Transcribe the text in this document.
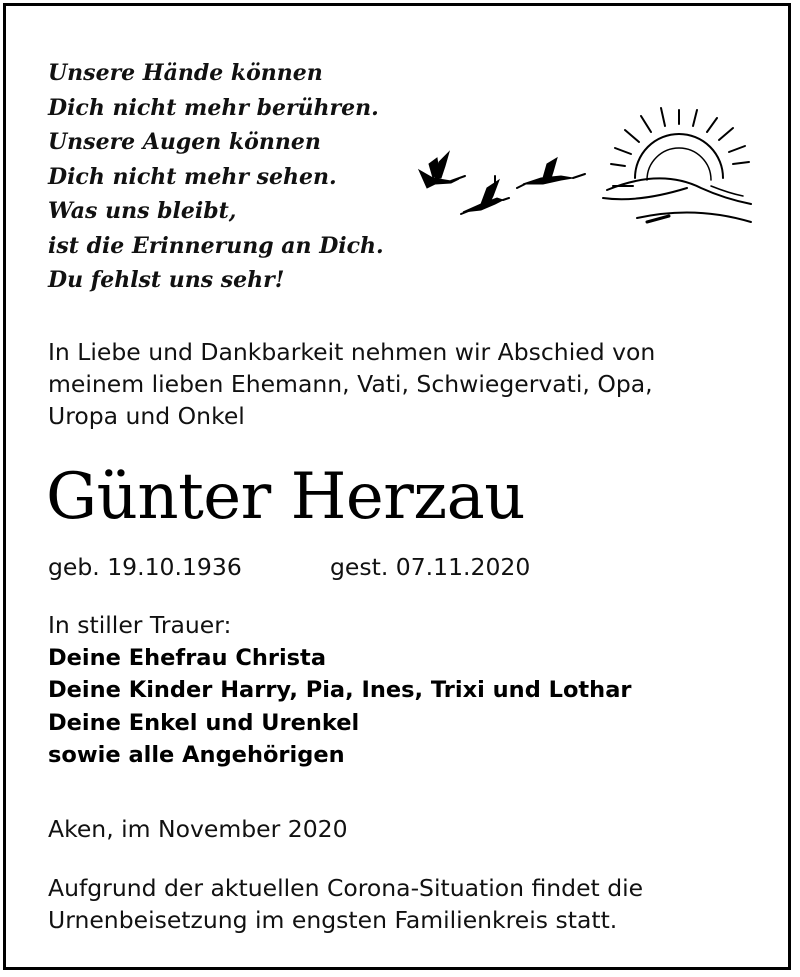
Unsere Hände können
Dich nicht mehr berühren.
Unsere Augen können
Dich nicht mehr sehen.
Was uns bleibt,
ist die Erinnerung an Dich.
Du fehlst uns sehr!
In Liebe und Dankbarkeit nehmen wir Abschied von
meinem lieben Ehemann, Vati, Schwiegervati, Opa,
Uropa und Onkel
Günter Herzau
geb. 19.10.1936	gest. 07.11.2020
In stiller Trauer:
Deine Ehefrau Christa
Deine Kinder Harry, Pia, Ines, Trixi und Lothar
Deine Enkel und Urenkel
sowie alle Angehörigen
Aken, im November 2020
Aufgrund der aktuellen Corona-Situation findet die
Urnenbeisetzung im engsten Familienkreis statt.
